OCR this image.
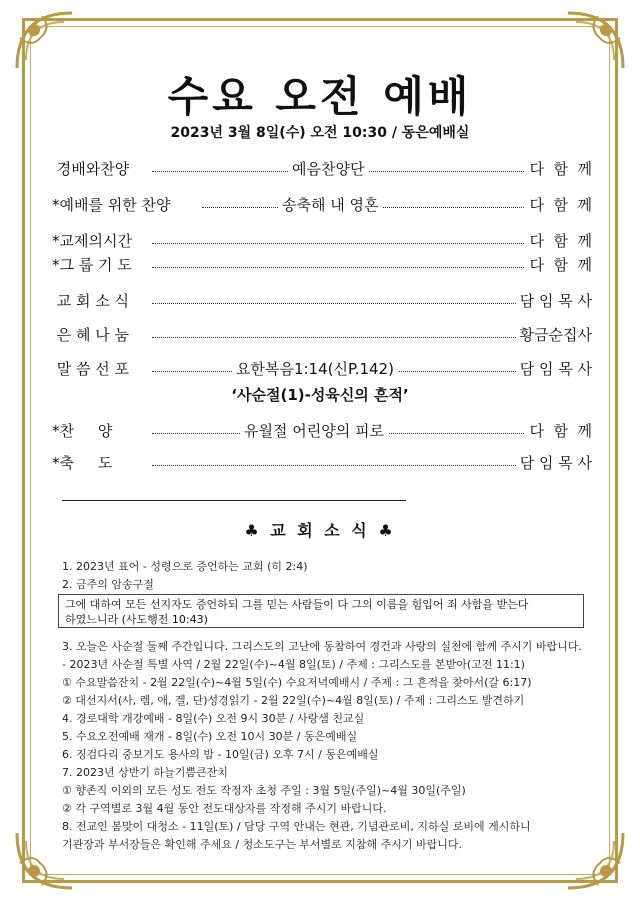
수요 오전 예배
2023년 3월 8일(수) 오전 10:30 / 동은예배실
경배와찬양	예음찬양단	다  함  께
*예배를 위한 찬양	송축해 내 영혼	다  함  께
*교제의시간	다  함  께
*그 룹 기 도	다  함  께
교 회 소 식	담 임 목 사
은 혜 나 눔	황금순집사
말 씀 선 포	요한복음1:14(신P.142)	담 임 목 사
‘사순절(1)-성육신의 흔적’
*찬     양	유월절 어린양의 피로	다  함  께
*축     도	담 임 목 사
♣ 교 회 소 식 ♣
1. 2023년 표어 - 성령으로 증언하는 교회 (히 2:4)
2. 금주의 암송구절
그에 대하여 모든 선지자도 증언하되 그를 믿는 사람들이 다 그의 이름을 힘입어 죄 사함을 받는다
하였느니라 (사도행전 10:43)
3. 오늘은 사순절 둘째 주간입니다. 그리스도의 고난에 동참하여 경건과 사랑의 실천에 함께 주시기 바랍니다.
- 2023년 사순절 특별 사역 / 2월 22일(수)~4월 8일(토) / 주제 : 그리스도를 본받아(고전 11:1)
① 수요말씀잔치 - 2월 22일(수)~4월 5일(수) 수요저녁예배시 / 주제 : 그 흔적을 찾아서(갈 6:17)
② 대선지서(사, 렘, 애, 겔, 단)성경읽기 - 2월 22일(수)~4월 8일(토) / 주제 : 그리스도 발견하기
4. 경로대학 개강예배 - 8일(수) 오전 9시 30분 / 사랑샘 친교실
5. 수요오전예배 재개 - 8일(수) 오전 10시 30분 / 동은예배실
6. 징검다리 중보기도 용사의 밤 - 10일(금) 오후 7시 / 동은예배실
7. 2023년 상반기 하늘기쁨큰잔치
① 향존직 이외의 모든 성도 전도 작정자 초청 주일 : 3월 5일(주일)~4월 30일(주일)
② 각 구역별로 3월 4월 동안 전도대상자를 작정해 주시기 바랍니다.
8. 전교인 봄맞이 대청소 - 11일(토) / 담당 구역 안내는 현관, 기념관로비, 지하실 로비에 게시하니
기관장과 부서장들은 확인해 주세요 / 청소도구는 부서별로 지참해 주시기 바랍니다.
